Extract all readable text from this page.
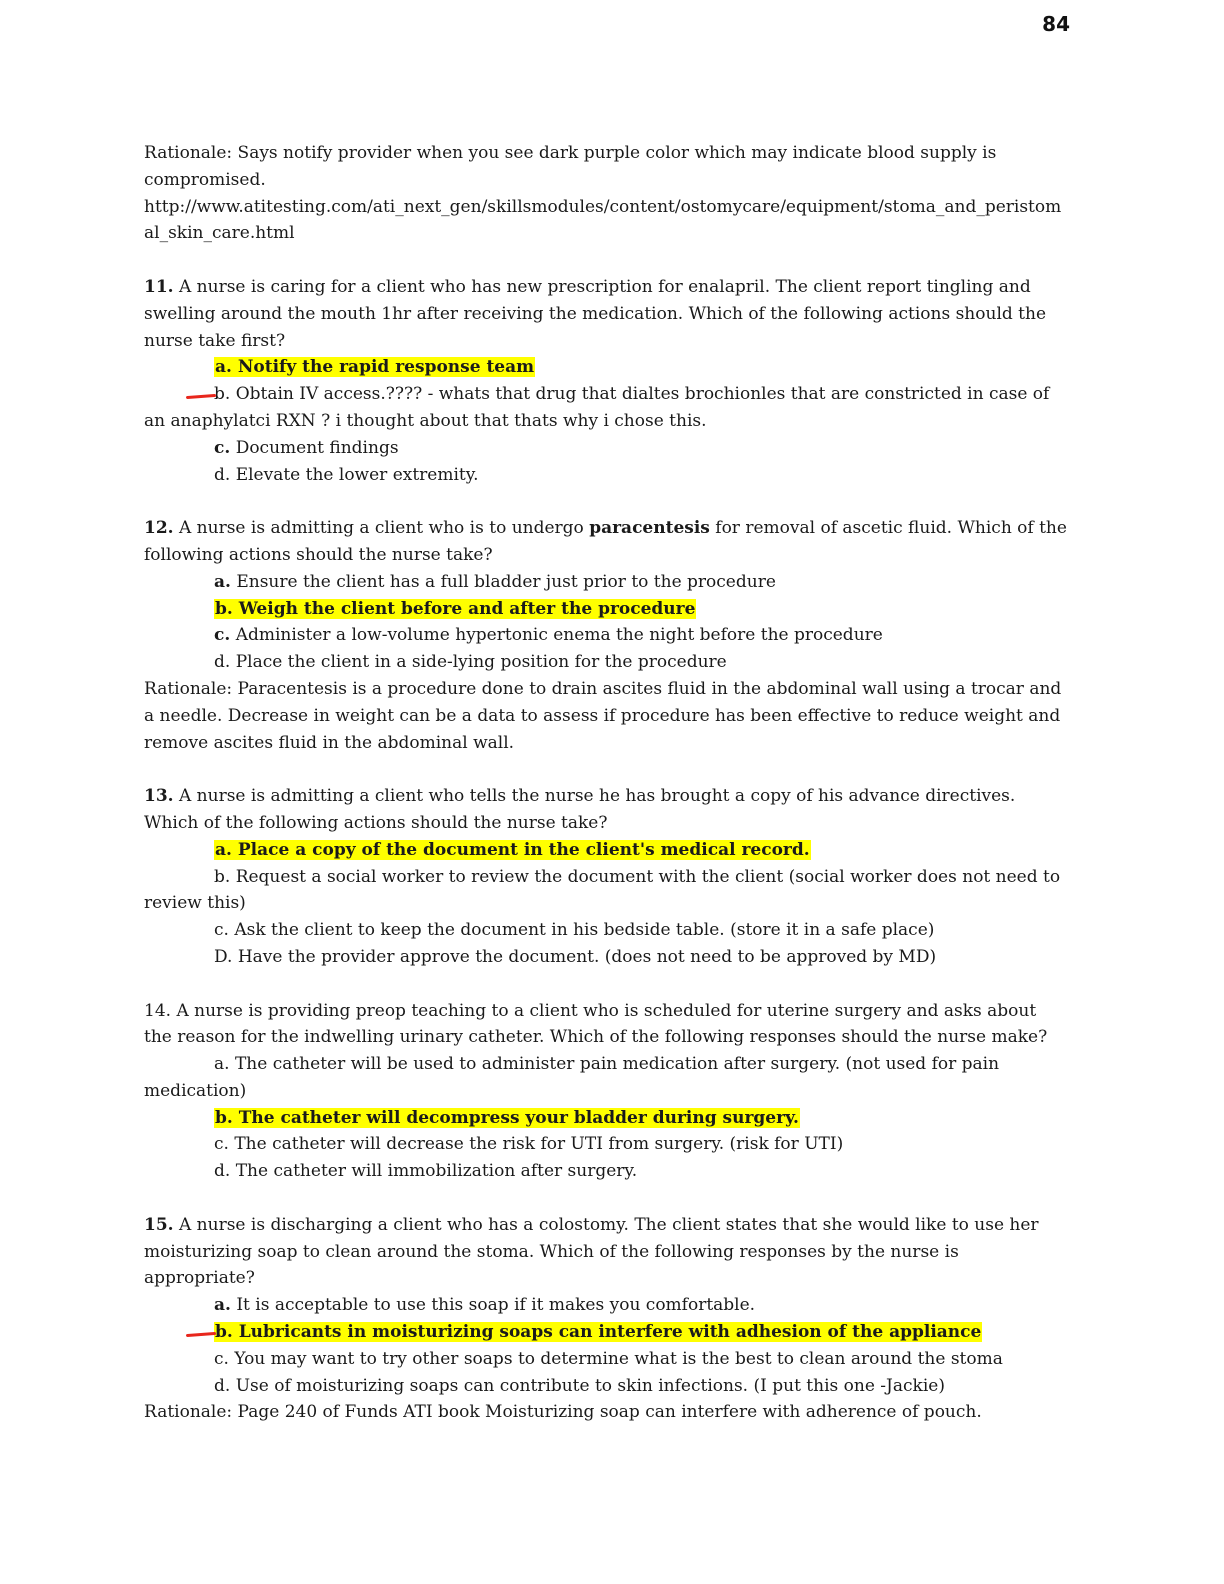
84

Rationale: Says notify provider when you see dark purple color which may indicate blood supply is compromised.

http://www.atitesting.com/ati_next_gen/skillsmodules/content/ostomycare/equipment/stoma_and_peristomal_skin_care.html

11. A nurse is caring for a client who has new prescription for enalapril. The client report tingling and swelling around the mouth 1hr after receiving the medication. Which of the following actions should the nurse take first?

a. Notify the rapid response team

b. Obtain IV access.???? - whats that drug that dialtes brochionles that are constricted in case of an anaphylatci RXN ? i thought about that thats why i chose this.

c. Document findings

d. Elevate the lower extremity.

12. A nurse is admitting a client who is to undergo paracentesis for removal of ascetic fluid. Which of the following actions should the nurse take?

a. Ensure the client has a full bladder just prior to the procedure

b. Weigh the client before and after the procedure

c. Administer a low-volume hypertonic enema the night before the procedure

d. Place the client in a side-lying position for the procedure

Rationale: Paracentesis is a procedure done to drain ascites fluid in the abdominal wall using a trocar and a needle. Decrease in weight can be a data to assess if procedure has been effective to reduce weight and remove ascites fluid in the abdominal wall.

13. A nurse is admitting a client who tells the nurse he has brought a copy of his advance directives. Which of the following actions should the nurse take?

a. Place a copy of the document in the client's medical record.

b. Request a social worker to review the document with the client (social worker does not need to review this)

c. Ask the client to keep the document in his bedside table. (store it in a safe place)

D. Have the provider approve the document. (does not need to be approved by MD)

14. A nurse is providing preop teaching to a client who is scheduled for uterine surgery and asks about the reason for the indwelling urinary catheter. Which of the following responses should the nurse make?

a. The catheter will be used to administer pain medication after surgery. (not used for pain medication)

b. The catheter will decompress your bladder during surgery.

c. The catheter will decrease the risk for UTI from surgery. (risk for UTI)

d. The catheter will immobilization after surgery.

15. A nurse is discharging a client who has a colostomy. The client states that she would like to use her moisturizing soap to clean around the stoma. Which of the following responses by the nurse is appropriate?

a. It is acceptable to use this soap if it makes you comfortable.

b. Lubricants in moisturizing soaps can interfere with adhesion of the appliance

c. You may want to try other soaps to determine what is the best to clean around the stoma

d. Use of moisturizing soaps can contribute to skin infections. (I put this one -Jackie)

Rationale: Page 240 of Funds ATI book Moisturizing soap can interfere with adherence of pouch.
